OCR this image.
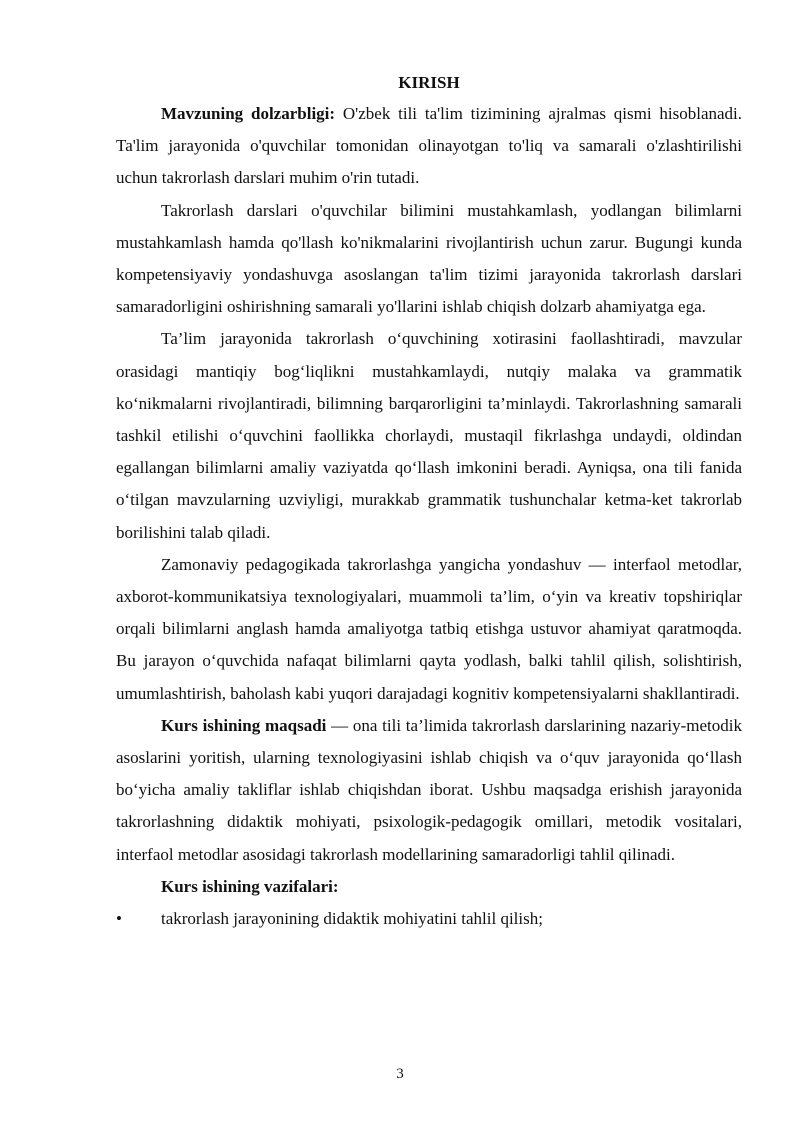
KIRISH

Mavzuning dolzarbligi: O'zbek tili ta'lim tizimining ajralmas qismi hisoblanadi. Ta'lim jarayonida o'quvchilar tomonidan olinayotgan to'liq va samarali o'zlashtirilishi uchun takrorlash darslari muhim o'rin tutadi.

Takrorlash darslari o'quvchilar bilimini mustahkamlash, yodlangan bilimlarni mustahkamlash hamda qo'llash ko'nikmalarini rivojlantirish uchun zarur. Bugungi kunda kompetensiyaviy yondashuvga asoslangan ta'lim tizimi jarayonida takrorlash darslari samaradorligini oshirishning samarali yo'llarini ishlab chiqish dolzarb ahamiyatga ega.

Ta’lim jarayonida takrorlash o‘quvchining xotirasini faollashtiradi, mavzular orasidagi mantiqiy bog‘liqlikni mustahkamlaydi, nutqiy malaka va grammatik ko‘nikmalarni rivojlantiradi, bilimning barqarorligini ta’minlaydi. Takrorlashning samarali tashkil etilishi o‘quvchini faollikka chorlaydi, mustaqil fikrlashga undaydi, oldindan egallangan bilimlarni amaliy vaziyatda qo‘llash imkonini beradi. Ayniqsa, ona tili fanida o‘tilgan mavzularning uzviyligi, murakkab grammatik tushunchalar ketma-ket takrorlab borilishini talab qiladi.

Zamonaviy pedagogikada takrorlashga yangicha yondashuv — interfaol metodlar, axborot-kommunikatsiya texnologiyalari, muammoli ta’lim, o‘yin va kreativ topshiriqlar orqali bilimlarni anglash hamda amaliyotga tatbiq etishga ustuvor ahamiyat qaratmoqda. Bu jarayon o‘quvchida nafaqat bilimlarni qayta yodlash, balki tahlil qilish, solishtirish, umumlashtirish, baholash kabi yuqori darajadagi kognitiv kompetensiyalarni shakllantiradi.

Kurs ishining maqsadi — ona tili ta’limida takrorlash darslarining nazariy-metodik asoslarini yoritish, ularning texnologiyasini ishlab chiqish va o‘quv jarayonida qo‘llash bo‘yicha amaliy takliflar ishlab chiqishdan iborat. Ushbu maqsadga erishish jarayonida takrorlashning didaktik mohiyati, psixologik-pedagogik omillari, metodik vositalari, interfaol metodlar asosidagi takrorlash modellarining samaradorligi tahlil qilinadi.

Kurs ishining vazifalari:

• takrorlash jarayonining didaktik mohiyatini tahlil qilish;
3
